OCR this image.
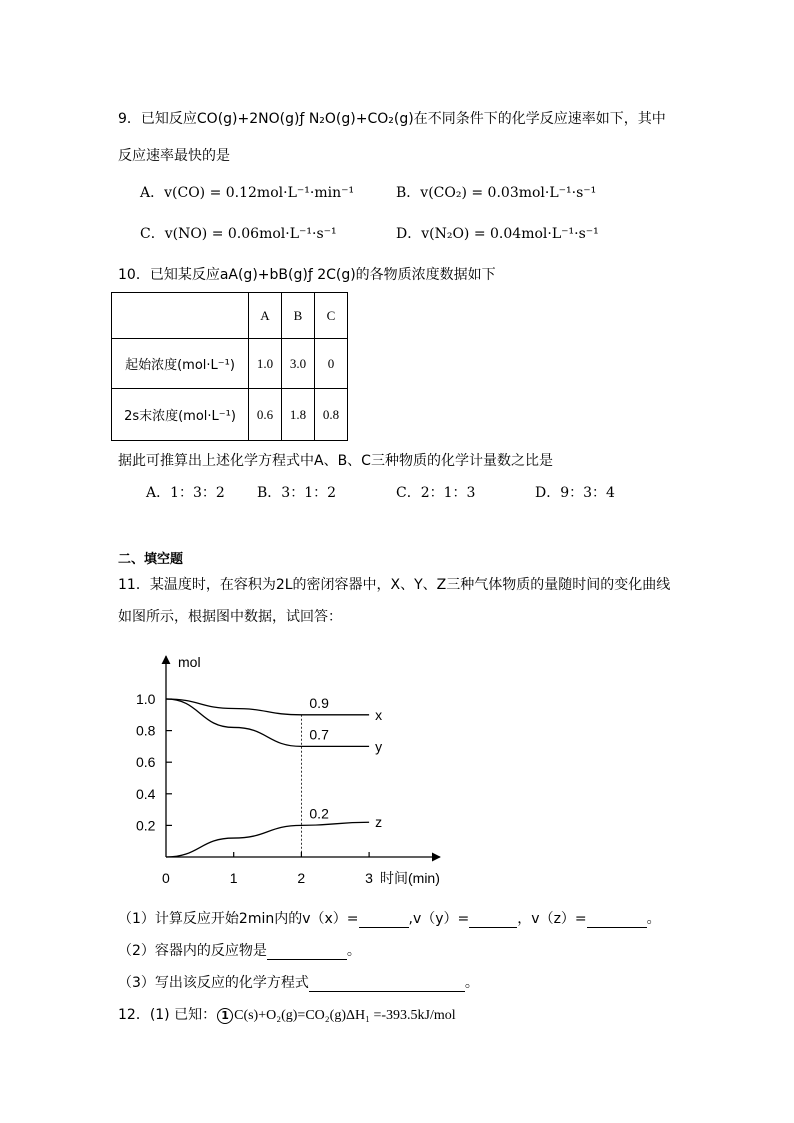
9．已知反应CO(g)+2NO(g)ƒ N₂O(g)+CO₂(g)在不同条件下的化学反应速率如下，其中
反应速率最快的是
A．v(CO) = 0.12mol·L⁻¹·min⁻¹	B．v(CO₂) = 0.03mol·L⁻¹·s⁻¹
C．v(NO) = 0.06mol·L⁻¹·s⁻¹	D．v(N₂O) = 0.04mol·L⁻¹·s⁻¹
10．已知某反应aA(g)+bB(g)ƒ 2C(g)的各物质浓度数据如下
	A	B	C
起始浓度(mol·L⁻¹)	1.0	3.0	0
2s末浓度(mol·L⁻¹)	0.6	1.8	0.8
据此可推算出上述化学方程式中A、B、C三种物质的化学计量数之比是
A．1：3：2 B．3：1：2	C．2：1：3	D．9：3：4
二、填空题
11．某温度时，在容积为2L的密闭容器中，X、Y、Z三种气体物质的量随时间的变化曲线
如图所示，根据图中数据，试回答：
mol
时间(min)
0.2
0.4
0.6
0.8
1.0
0	1	2	3
x
0.9
y
0.7
z
0.2
（1）计算反应开始2min内的v（x）=	,v（y）=	，v（z）=	。
（2）容器内的反应物是	。
（3）写出该反应的化学方程式	。
12．(1) 已知： 1 C(s)+O₂(g)=CO₂(g)ΔH₁ =-393.5kJ/mol
